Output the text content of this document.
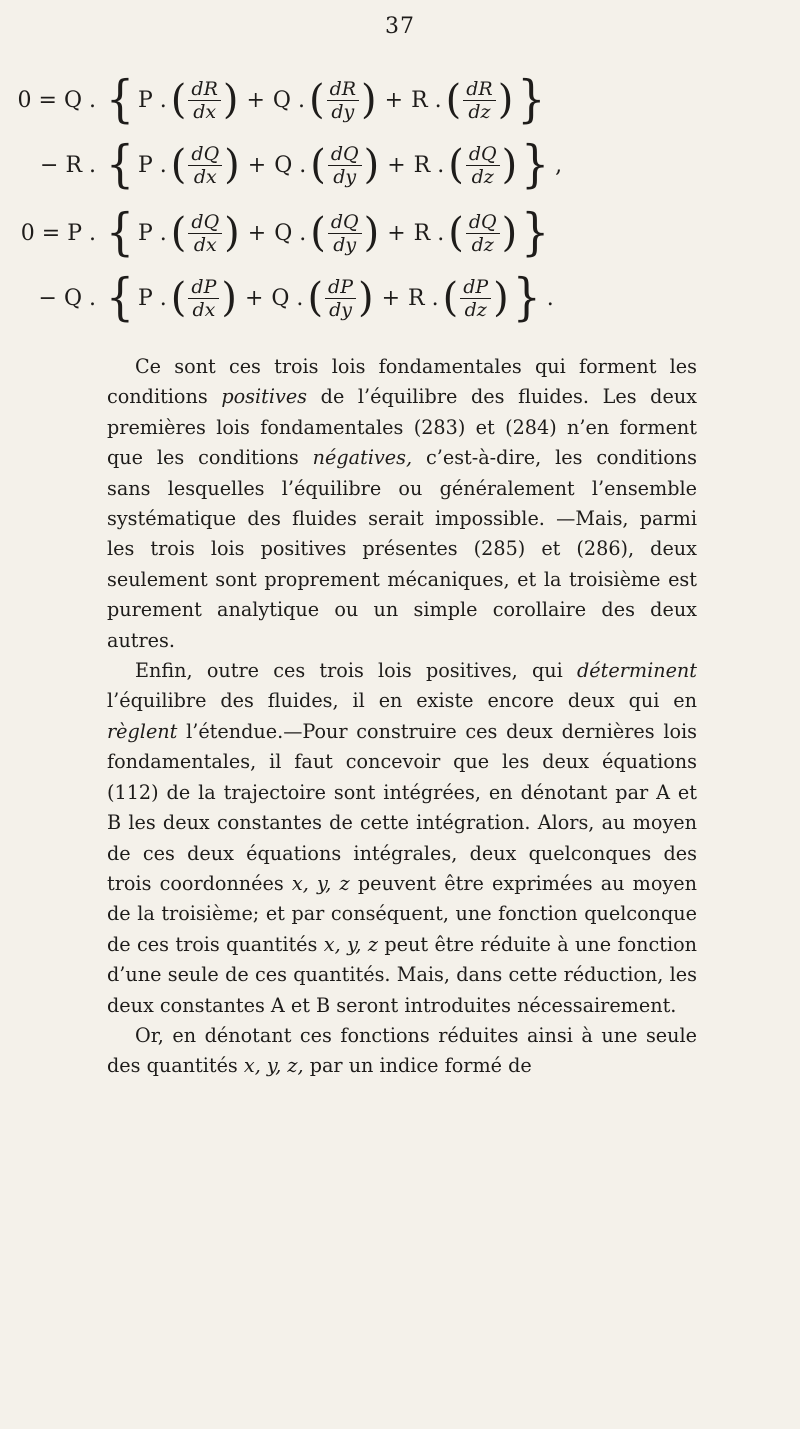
37
0 = Q . { P . ( $\frac{dR}{dx}$ ) + Q . ( $\frac{dR}{dy}$ ) + R . ( $\frac{dR}{dz}$ ) }
− R . { P . ( $\frac{dQ}{dx}$ ) + Q . ( $\frac{dQ}{dy}$ ) + R . ( $\frac{dQ}{dz}$ ) } ,
0 = P . { P . ( $\frac{dQ}{dx}$ ) + Q . ( $\frac{dQ}{dy}$ ) + R . ( $\frac{dQ}{dz}$ ) }
− Q . { P . ( $\frac{dP}{dx}$ ) + Q . ( $\frac{dP}{dy}$ ) + R . ( $\frac{dP}{dz}$ ) } .

Ce sont ces trois lois fondamentales qui forment les conditions positives de l’équilibre des fluides. Les deux premières lois fondamentales (283) et (284) n’en forment que les conditions négatives, c’est-à-dire, les conditions sans lesquelles l’équilibre ou généralement l’ensemble systématique des fluides serait impossible. —Mais, parmi les trois lois positives présentes (285) et (286), deux seulement sont proprement mécaniques, et la troisième est purement analytique ou un simple corollaire des deux autres.

Enfin, outre ces trois lois positives, qui déterminent l’équilibre des fluides, il en existe encore deux qui en règlent l’étendue.—Pour construire ces deux dernières lois fondamentales, il faut concevoir que les deux équations (112) de la trajectoire sont intégrées, en dénotant par A et B les deux constantes de cette intégration. Alors, au moyen de ces deux équations intégrales, deux quelconques des trois coordonnées x, y, z peuvent être exprimées au moyen de la troisième; et par conséquent, une fonction quelconque de ces trois quantités x, y, z peut être réduite à une fonction d’une seule de ces quantités. Mais, dans cette réduction, les deux constantes A et B seront introduites nécessairement.

Or, en dénotant ces fonctions réduites ainsi à une seule des quantités x, y, z, par un indice formé de
